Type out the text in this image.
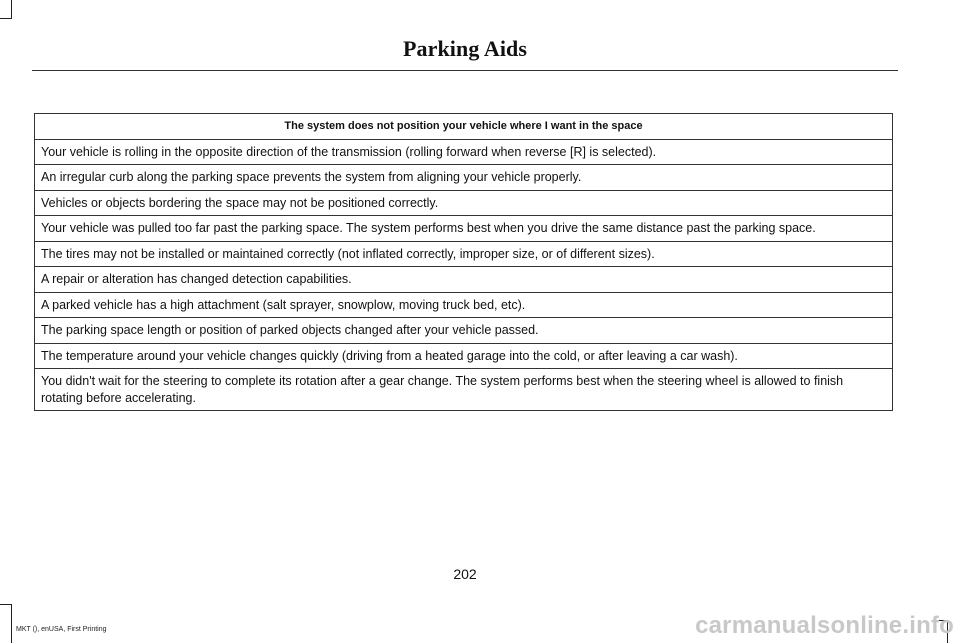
Parking Aids
The system does not position your vehicle where I want in the space
Your vehicle is rolling in the opposite direction of the transmission (rolling forward when reverse [R] is selected).
An irregular curb along the parking space prevents the system from aligning your vehicle properly.
Vehicles or objects bordering the space may not be positioned correctly.
Your vehicle was pulled too far past the parking space. The system performs best when you drive the same distance past the parking space.
The tires may not be installed or maintained correctly (not inflated correctly, improper size, or of different sizes).
A repair or alteration has changed detection capabilities.
A parked vehicle has a high attachment (salt sprayer, snowplow, moving truck bed, etc).
The parking space length or position of parked objects changed after your vehicle passed.
The temperature around your vehicle changes quickly (driving from a heated garage into the cold, or after leaving a car wash).
You didn't wait for the steering to complete its rotation after a gear change. The system performs best when the steering wheel is allowed to finish rotating before accelerating.
202
MKT (), enUSA, First Printing	carmanualsonline.info
